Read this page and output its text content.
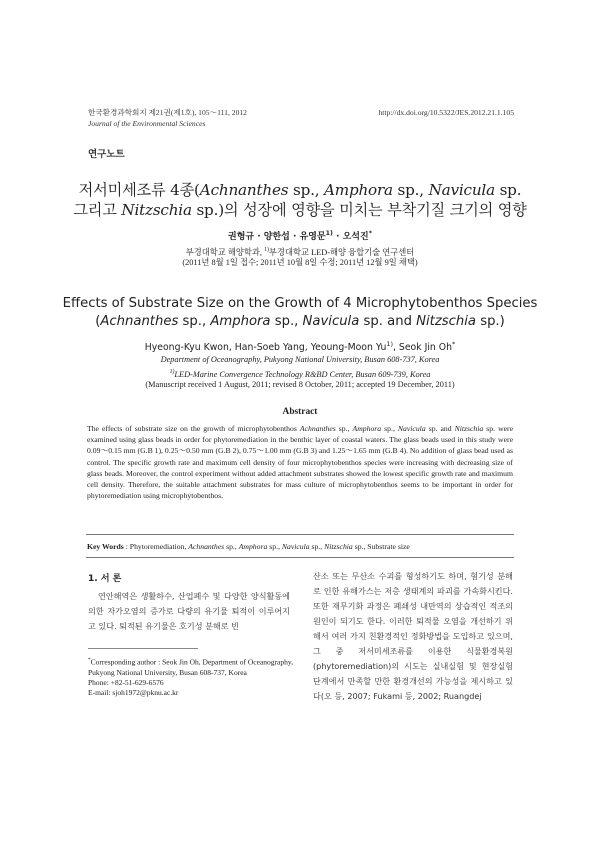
한국환경과학회지 제21권(제1호), 105～111, 2012
Journal of the Environmental Sciences
http://dx.doi.org/10.5322/JES.2012.21.1.105
연구노트
저서미세조류 4종(Achnanthes sp., Amphora sp., Navicula sp.
그리고 Nitzschia sp.)의 성장에 영향을 미치는 부착기질 크기의 영향
권형규 · 양한섭 · 유영문$^{1)}$ · 오석진*
부경대학교 해양학과, $^{1)}$부경대학교 LED-해양 융합기술 연구센터
(2011년 8월 1일 접수; 2011년 10월 8일 수정; 2011년 12월 9일 채택)
Effects of Substrate Size on the Growth of 4 Microphytobenthos Species
(Achnanthes sp., Amphora sp., Navicula sp. and Nitzschia sp.)
Hyeong-Kyu Kwon, Han-Soeb Yang, Yeoung-Moon Yu$^{1)}$, Seok Jin Oh*
Department of Oceanography, Pukyong National University, Busan 608-737, Korea
$^{1)}$LED-Marine Convergence Technology R&BD Center, Busan 609-739, Korea
(Manuscript received 1 August, 2011; revised 8 October, 2011; accepted 19 December, 2011)
Abstract
The effects of substrate size on the growth of microphytobenthos Achnanthes sp., Amphora sp., Navicula sp. and Nitzschia sp. were examined using glass beads in order for phytoremediation in the benthic layer of coastal waters. The glass beads used in this study were 0.09～0.15 mm (G.B 1), 0.25～0.50 mm (G.B 2), 0.75～1.00 mm (G.B 3) and 1.25～1.65 mm (G.B 4). No addition of glass bead used as control. The specific growth rate and maximum cell density of four microphytobenthos species were increasing with decreasing size of glass beads. Moreover, the control experiment without added attachment substrates showed the lowest specific growth rate and maximum cell density. Therefore, the suitable attachment substrates for mass culture of microphytobenthos seems to be important in order for phytoremediation using microphytobenthos.
Key Words : Phytoremediation, Achnanthes sp., Amphora sp., Navicula sp., Nitzschia sp., Substrate size
1. 서 론
연안해역은 생활하수, 산업폐수 및 다양한 양식활동에 의한 자가오염의 증가로 다량의 유기물 퇴적이 이루어지고 있다. 퇴적된 유기물은 호기성 분해로 빈
*Corresponding author : Seok Jin Oh, Department of Oceanography, Pukyong National University, Busan 608-737, Korea
Phone: +82-51-629-6576
E-mail: sjoh1972@pknu.ac.kr
산소 또는 무산소 수괴를 형성하기도 하며, 혐기성 분해로 인한 유해가스는 저층 생태계의 파괴를 가속화시킨다. 또한 재무기화 과정은 폐쇄성 내만역의 상습적인 적조의 원인이 되기도 한다. 이러한 퇴적물 오염을 개선하기 위해서 여러 가지 친환경적인 정화방법을 도입하고 있으며, 그 중 저서미세조류를 이용한 식물환경복원(phytoremediation)의 시도는 실내실험 및 현장실험 단계에서 만족할 만한 환경개선의 가능성을 제시하고 있다(오 등, 2007; Fukami 등, 2002; Ruangdej
